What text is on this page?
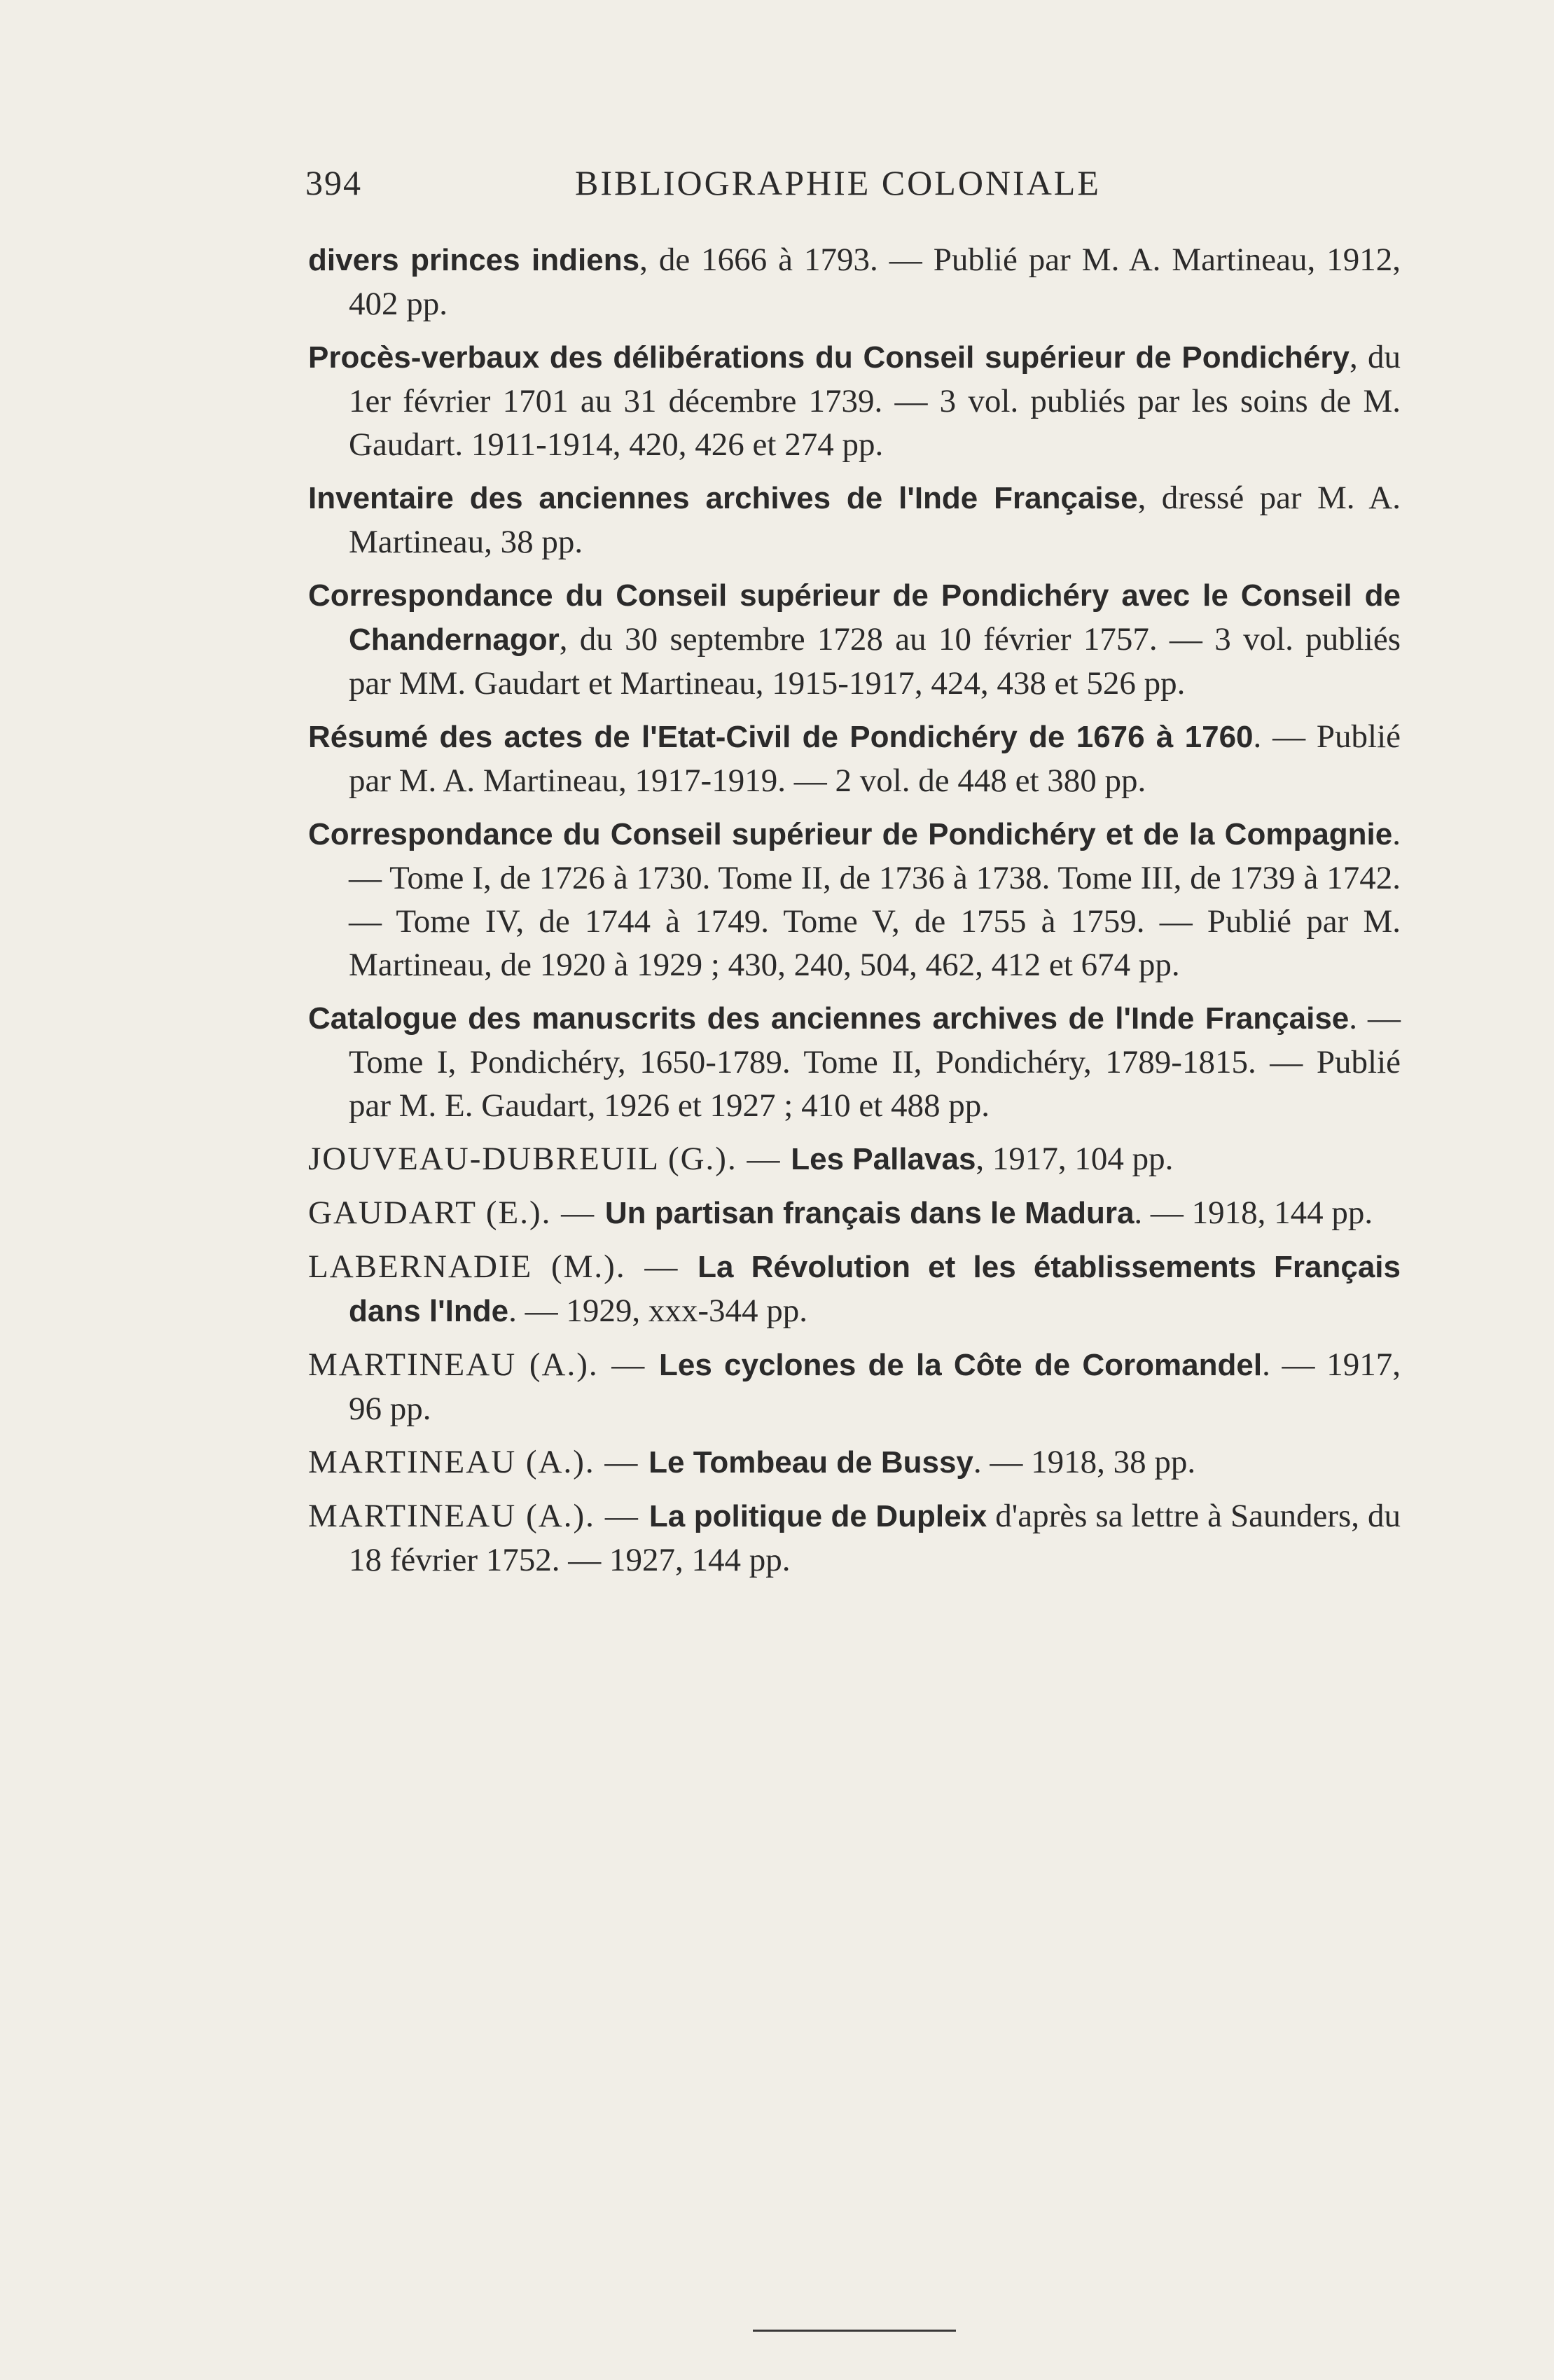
394	BIBLIOGRAPHIE COLONIALE

divers princes indiens, de 1666 à 1793. — Publié par M. A. Martineau, 1912, 402 pp.

Procès-verbaux des délibérations du Conseil supérieur de Pondichéry, du 1er février 1701 au 31 décembre 1739. — 3 vol. publiés par les soins de M. Gaudart. 1911-1914, 420, 426 et 274 pp.

Inventaire des anciennes archives de l'Inde Française, dressé par M. A. Martineau, 38 pp.

Correspondance du Conseil supérieur de Pondichéry avec le Conseil de Chandernagor, du 30 septembre 1728 au 10 février 1757. — 3 vol. publiés par MM. Gaudart et Martineau, 1915-1917, 424, 438 et 526 pp.

Résumé des actes de l'Etat-Civil de Pondichéry de 1676 à 1760. — Publié par M. A. Martineau, 1917-1919. — 2 vol. de 448 et 380 pp.

Correspondance du Conseil supérieur de Pondichéry et de la Compagnie. — Tome I, de 1726 à 1730. Tome II, de 1736 à 1738. Tome III, de 1739 à 1742. — Tome IV, de 1744 à 1749. Tome V, de 1755 à 1759. — Publié par M. Martineau, de 1920 à 1929 ; 430, 240, 504, 462, 412 et 674 pp.

Catalogue des manuscrits des anciennes archives de l'Inde Française. — Tome I, Pondichéry, 1650-1789. Tome II, Pondichéry, 1789-1815. — Publié par M. E. Gaudart, 1926 et 1927 ; 410 et 488 pp.

JOUVEAU-DUBREUIL (G.). — Les Pallavas, 1917, 104 pp.

GAUDART (E.). — Un partisan français dans le Madura. — 1918, 144 pp.

LABERNADIE (M.). — La Révolution et les établissements Français dans l'Inde. — 1929, xxx-344 pp.

MARTINEAU (A.). — Les cyclones de la Côte de Coromandel. — 1917, 96 pp.

MARTINEAU (A.). — Le Tombeau de Bussy. — 1918, 38 pp.

MARTINEAU (A.). — La politique de Dupleix d'après sa lettre à Saunders, du 18 février 1752. — 1927, 144 pp.
